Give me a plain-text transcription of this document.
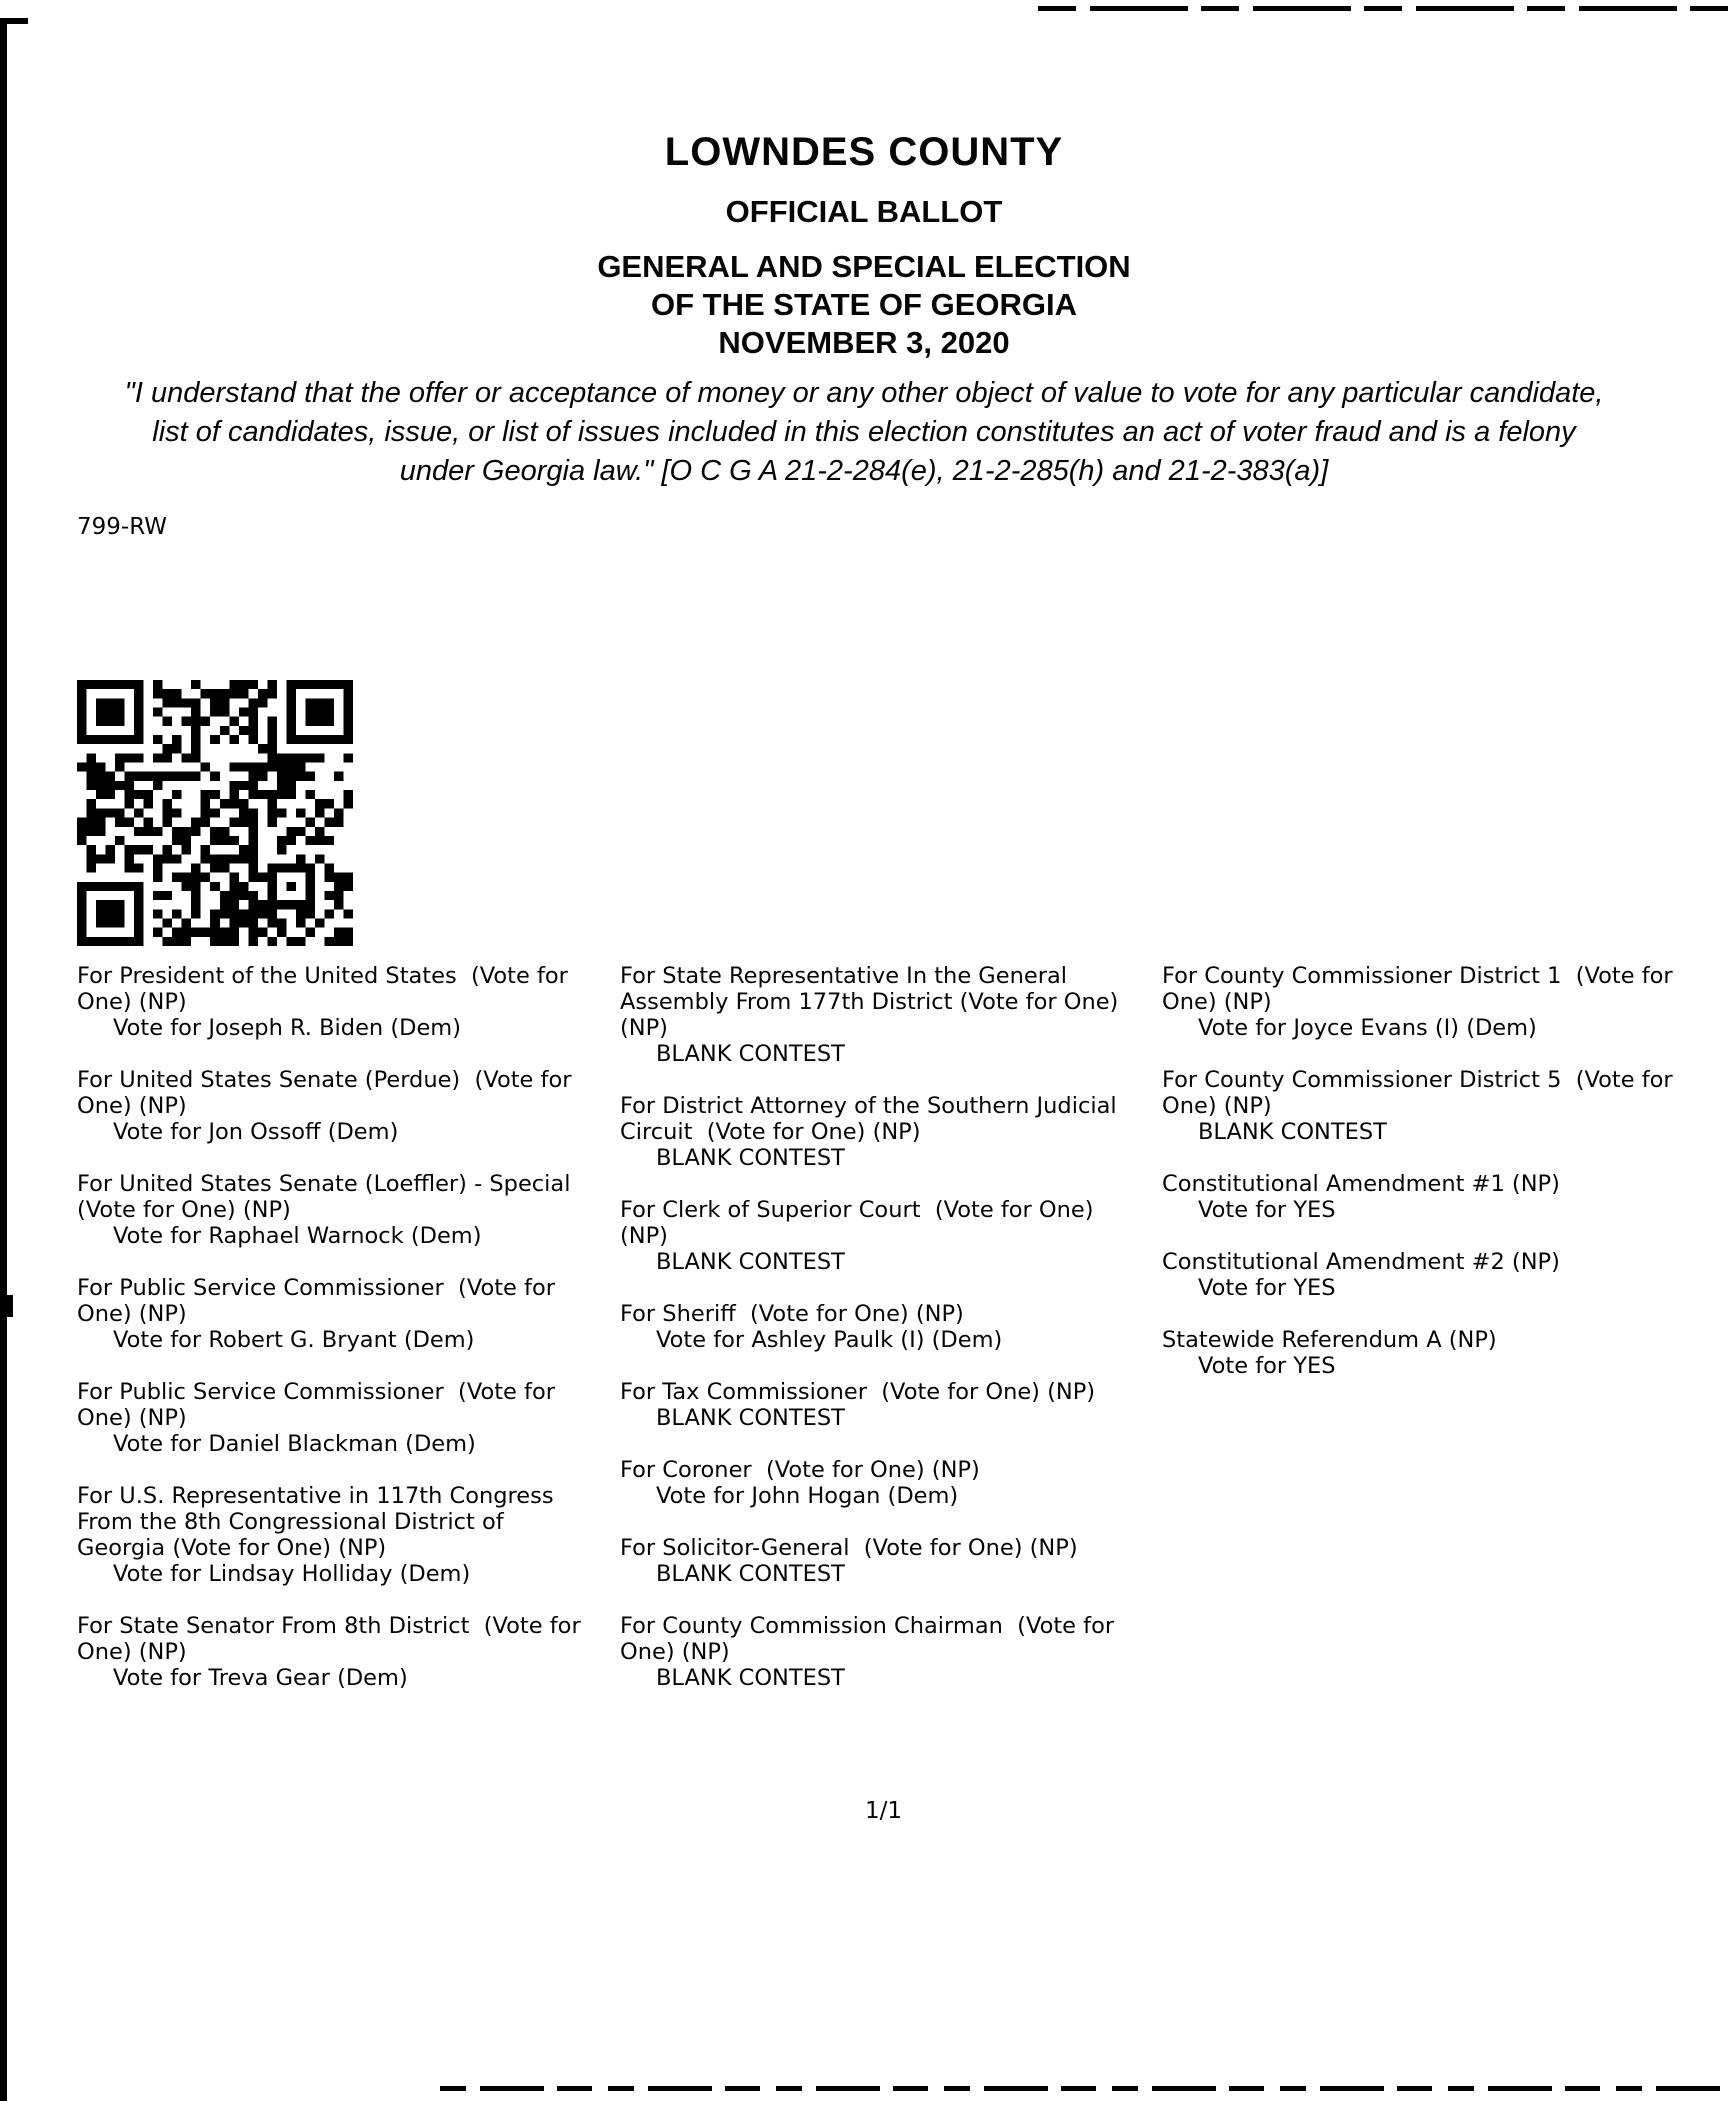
LOWNDES COUNTY
OFFICIAL BALLOT
GENERAL AND SPECIAL ELECTION
OF THE STATE OF GEORGIA
NOVEMBER 3, 2020
"I understand that the offer or acceptance of money or any other object of value to vote for any particular candidate,
list of candidates, issue, or list of issues included in this election constitutes an act of voter fraud and is a felony
under Georgia law." [O C G A 21-2-284(e), 21-2-285(h) and 21-2-383(a)]
799-RW
For President of the United States  (Vote for One) (NP)
Vote for Joseph R. Biden (Dem)
For United States Senate (Perdue)  (Vote for One) (NP)
Vote for Jon Ossoff (Dem)
For United States Senate (Loeffler) - Special  (Vote for One) (NP)
Vote for Raphael Warnock (Dem)
For Public Service Commissioner  (Vote for One) (NP)
Vote for Robert G. Bryant (Dem)
For Public Service Commissioner  (Vote for One) (NP)
Vote for Daniel Blackman (Dem)
For U.S. Representative in 117th Congress From the 8th Congressional District of Georgia (Vote for One) (NP)
Vote for Lindsay Holliday (Dem)
For State Senator From 8th District  (Vote for One) (NP)
Vote for Treva Gear (Dem)
For State Representative In the General Assembly From 177th District (Vote for One) (NP)
BLANK CONTEST
For District Attorney of the Southern Judicial Circuit  (Vote for One) (NP)
BLANK CONTEST
For Clerk of Superior Court  (Vote for One) (NP)
BLANK CONTEST
For Sheriff  (Vote for One) (NP)
Vote for Ashley Paulk (I) (Dem)
For Tax Commissioner  (Vote for One) (NP)
BLANK CONTEST
For Coroner  (Vote for One) (NP)
Vote for John Hogan (Dem)
For Solicitor-General  (Vote for One) (NP)
BLANK CONTEST
For County Commission Chairman  (Vote for One) (NP)
BLANK CONTEST
For County Commissioner District 1  (Vote for One) (NP)
Vote for Joyce Evans (I) (Dem)
For County Commissioner District 5  (Vote for One) (NP)
BLANK CONTEST
Constitutional Amendment #1 (NP)
Vote for YES
Constitutional Amendment #2 (NP)
Vote for YES
Statewide Referendum A (NP)
Vote for YES
1/1
